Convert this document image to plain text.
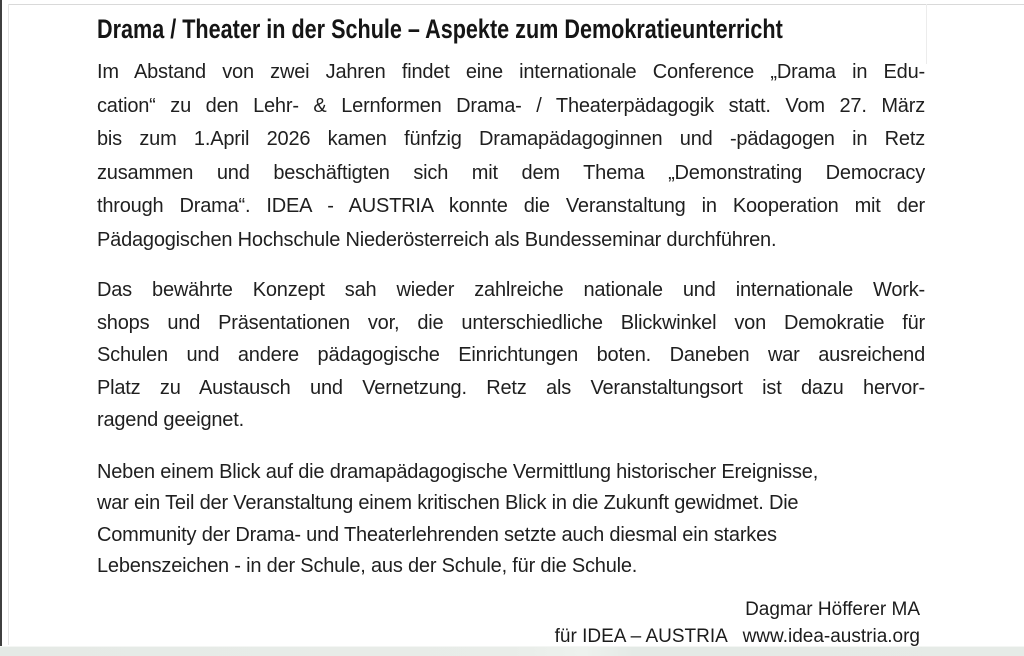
Drama / Theater in der Schule – Aspekte zum Demokratieunterricht
Im Abstand von zwei Jahren findet eine internationale Conference „Drama in Edu-
cation“ zu den Lehr- & Lernformen Drama- / Theaterpädagogik statt. Vom 27. März
bis zum 1.April 2026 kamen fünfzig Dramapädagoginnen und -pädagogen in Retz
zusammen und beschäftigten sich mit dem Thema „Demonstrating Democracy
through Drama“. IDEA - AUSTRIA konnte die Veranstaltung in Kooperation mit der
Pädagogischen Hochschule Niederösterreich als Bundesseminar durchführen.
Das bewährte Konzept sah wieder zahlreiche nationale und internationale Work-
shops und Präsentationen vor, die unterschiedliche Blickwinkel von Demokratie für
Schulen und andere pädagogische Einrichtungen boten. Daneben war ausreichend
Platz zu Austausch und Vernetzung. Retz als Veranstaltungsort ist dazu hervor-
ragend geeignet.
Neben einem Blick auf die dramapädagogische Vermittlung historischer Ereignisse,
war ein Teil der Veranstaltung einem kritischen Blick in die Zukunft gewidmet. Die
Community der Drama- und Theaterlehrenden setzte auch diesmal ein starkes
Lebenszeichen - in der Schule, aus der Schule, für die Schule.
Dagmar Höfferer MA
für IDEA – AUSTRIA   www.idea-austria.org
